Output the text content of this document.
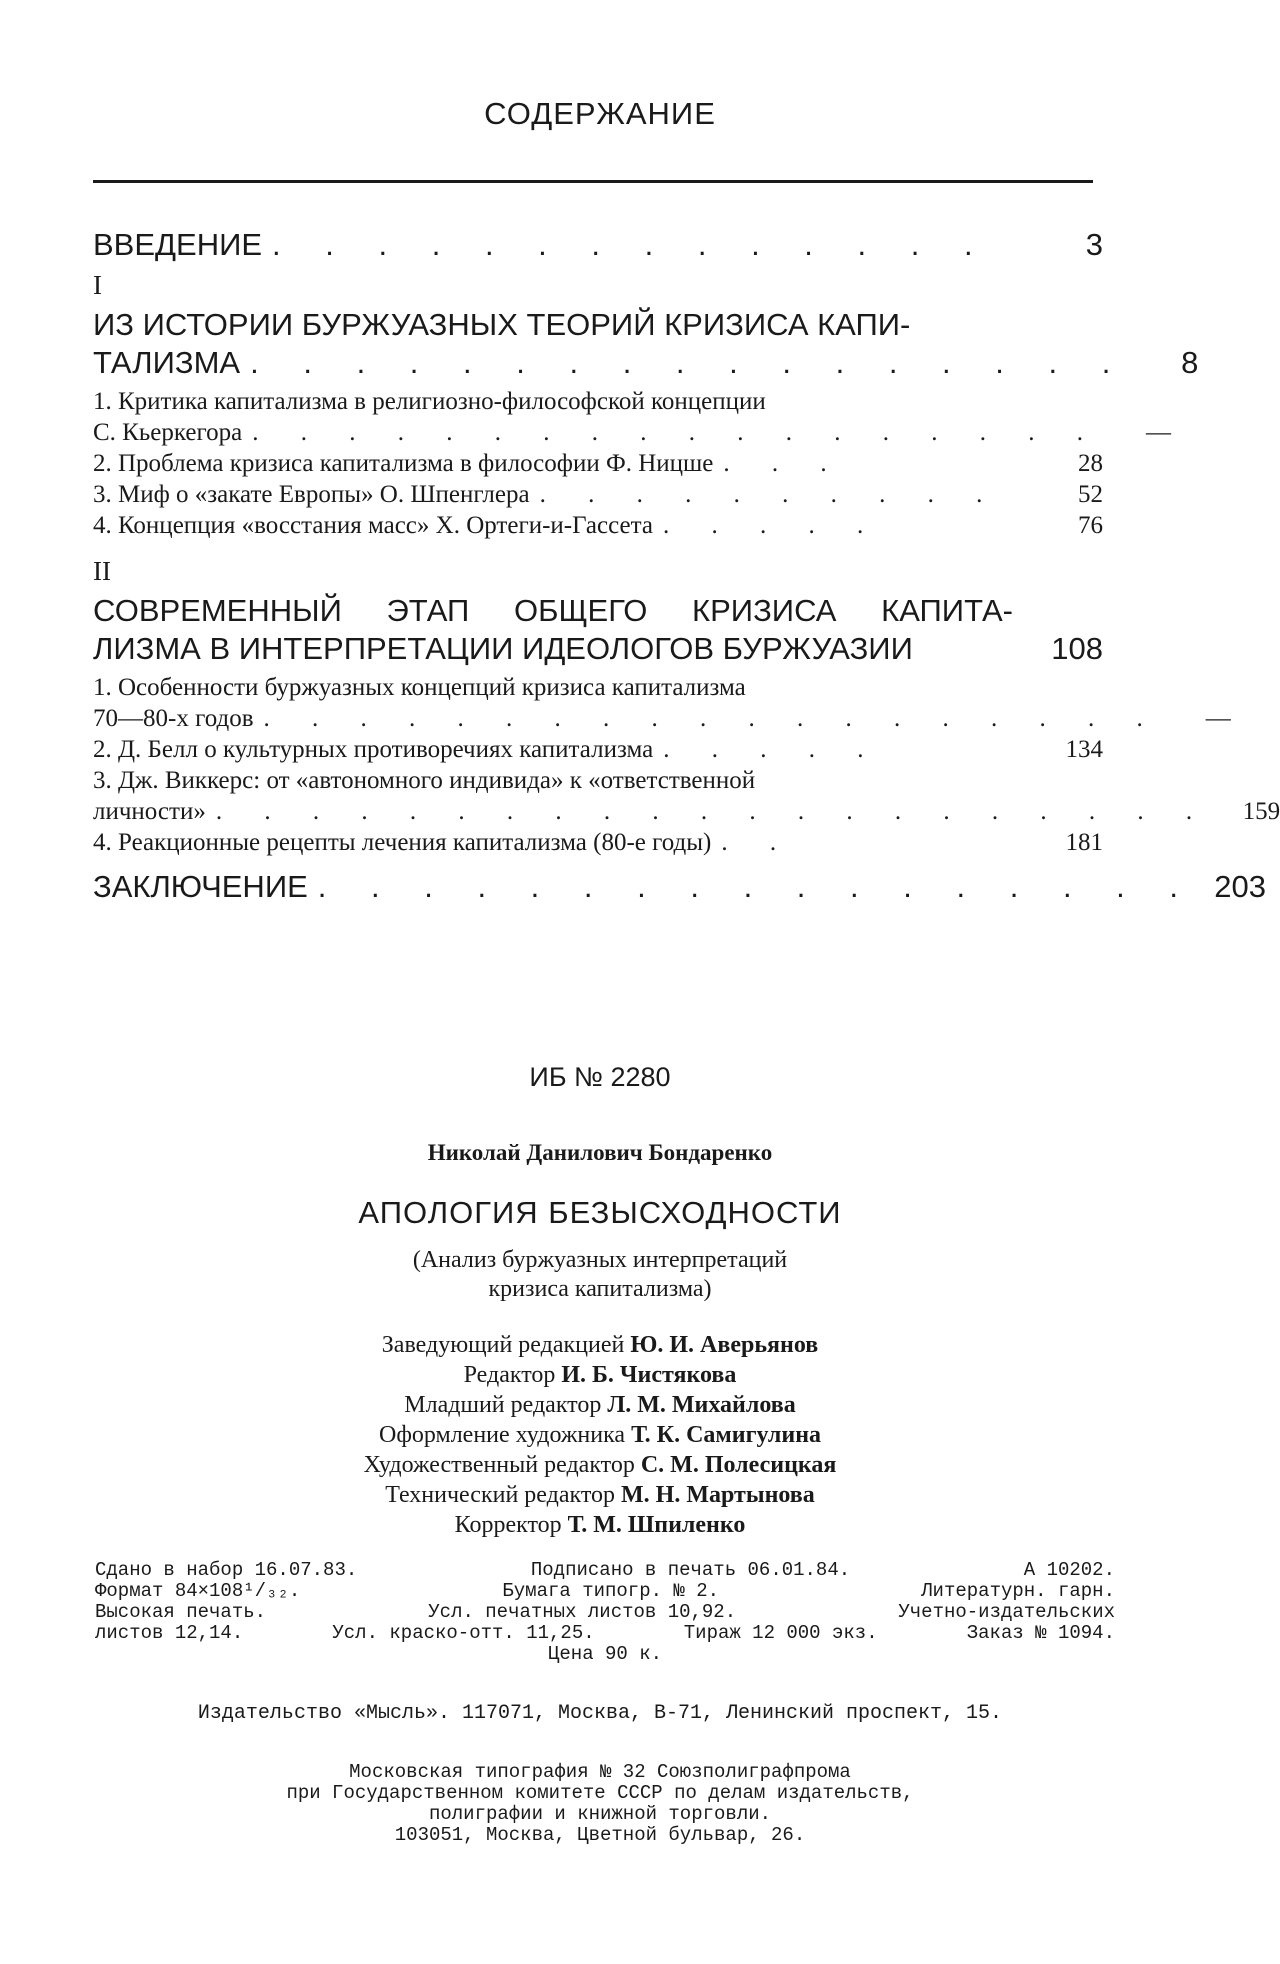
СОДЕРЖАНИЕ
ВВЕДЕНИЕ . . . . . . . . . . . . . .	3
I
ИЗ ИСТОРИИ БУРЖУАЗНЫХ ТЕОРИЙ КРИЗИСА КАПИ-
ТАЛИЗМА . . . . . . . . . . . . . . . . .	8
1. Критика капитализма в религиозно-философской концепции
С. Кьеркегора . . . . . . . . . . . . . . . . . .	—
2. Проблема кризиса капитализма в философии Ф. Ницше . . .	28
3. Миф о «закате Европы» О. Шпенглера . . . . . . . . . .	52
4. Концепция «восстания масс» X. Ортеги-и-Гассета . . . . .	76
II
СОВРЕМЕННЫЙ ЭТАП ОБЩЕГО КРИЗИСА КАПИТА-
ЛИЗМА В ИНТЕРПРЕТАЦИИ ИДЕОЛОГОВ БУРЖУАЗИИ	108
1. Особенности буржуазных концепций кризиса капитализма
70—80-х годов . . . . . . . . . . . . . . . . . . .	—
2. Д. Белл о культурных противоречиях капитализма . . . . .	134
3. Дж. Виккерс: от «автономного индивида» к «ответственной
личности» . . . . . . . . . . . . . . . . . . . . .	159
4. Реакционные рецепты лечения капитализма (80-е годы) . .	181
ЗАКЛЮЧЕНИЕ . . . . . . . . . . . . . . . . . 203
ИБ № 2280
Николай Данилович Бондаренко
АПОЛОГИЯ БЕЗЫСХОДНОСТИ
(Анализ буржуазных интерпретаций
кризиса капитализма)
Заведующий редакцией Ю. И. Аверьянов
Редактор И. Б. Чистякова
Младший редактор Л. М. Михайлова
Оформление художника Т. К. Самигулина
Художественный редактор С. М. Полесицкая
Технический редактор М. Н. Мартынова
Корректор Т. М. Шпиленко
Сдано в набор 16.07.83.	Подписано в печать 06.01.84.	А 10202.
Формат 84×108¹/₃₂.	Бумага типогр. № 2.	Литературн. гарн.
Высокая печать.	Усл. печатных листов 10,92.	Учетно-издательских
листов 12,14.	Усл. краско-отт. 11,25.	Тираж 12 000 экз.	Заказ № 1094.
Цена 90 к.
Издательство «Мысль». 117071, Москва, В-71, Ленинский проспект, 15.
Московская типография № 32 Союзполиграфпрома
при Государственном комитете СССР по делам издательств,
полиграфии и книжной торговли.
103051, Москва, Цветной бульвар, 26.
